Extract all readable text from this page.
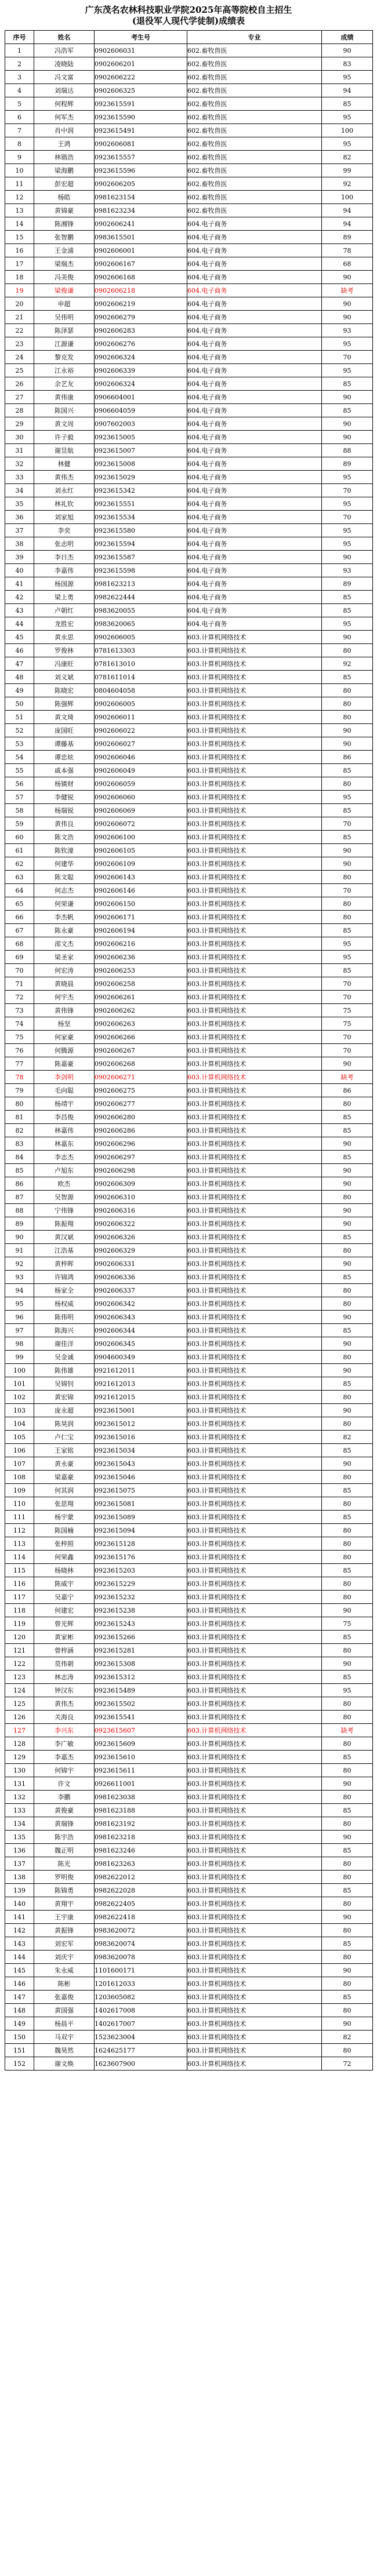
广东茂名农林科技职业学院2025年高等院校自主招生
(退役军人现代学徒制)成绩表
序号	姓名	考生号	专业	成绩
1	冯浩军	0902606031	602.畜牧兽医	90
2	凌晓陆	0902606201	602.畜牧兽医	83
3	冯文富	0902606222	602.畜牧兽医	95
4	刘瑞达	0902606325	602.畜牧兽医	94
5	何程辉	0923615591	602.畜牧兽医	85
6	何军杰	0923615590	602.畜牧兽医	95
7	肖中润	0923615491	602.畜牧兽医	100
8	王鸿	0902606081	602.畜牧兽医	95
9	林锴浩	0923615557	602.畜牧兽医	82
10	梁海鹏	0923615596	602.畜牧兽医	99
11	彭宏超	0902606205	602.畜牧兽医	92
12	杨皓	0981623154	602.畜牧兽医	100
13	黄锦豪	0981623234	602.畜牧兽医	94
14	陈湘锋	0902606241	604.电子商务	94
15	张智鹏	0983615501	604.电子商务	89
16	王金浦	0902606001	604.电子商务	78
17	梁瑞杰	0902606167	604.电子商务	68
18	冯美俊	0902606168	604.电子商务	90
19	梁俊谦	0902606218	604.电子商务	缺考
20	申超	0902606219	604.电子商务	90
21	吴伟明	0902606279	604.电子商务	90
22	陈泽瑟	0902606283	604.电子商务	93
23	江源谦	0902606276	604.电子商务	95
24	黎克发	0902606324	604.电子商务	70
25	江永裕	0902606339	604.电子商务	95
26	余艺友	0902606324	604.电子商务	85
27	黄伟康	0906604001	604.电子商务	90
28	陈国兴	0906604059	604.电子商务	85
29	黄文周	0907602003	604.电子商务	90
30	许子毅	0923615005	604.电子商务	90
31	谢昱航	0923615007	604.电子商务	88
32	林健	0923615008	604.电子商务	89
33	黄伟杰	0923615029	604.电子商务	95
34	刘永红	0923615342	604.电子商务	70
35	林礼钦	0923615551	604.电子商务	95
36	刘家旭	0923615534	604.电子商务	70
37	李奕	0923615580	604.电子商务	95
38	张志明	0923615594	604.电子商务	95
39	李日杰	0923615587	604.电子商务	90
40	李嘉伟	0923615598	604.电子商务	93
41	杨国源	0981623213	604.电子商务	89
42	梁上勇	0982622444	604.电子商务	85
43	卢朝红	0983620055	604.电子商务	85
44	龙胜宏	0983620065	604.电子商务	95
45	黄永思	0902606005	603.计算机网络技术	90
46	罗俊林	0781613303	603.计算机网络技术	80
47	冯康旺	0781613010	603.计算机网络技术	92
48	刘义斌	0781611014	603.计算机网络技术	85
49	陈晓宏	0804604058	603.计算机网络技术	80
50	陈强辉	0902606005	603.计算机网络技术	80
51	黄文琦	0902606011	603.计算机网络技术	80
52	庞国旺	0902606022	603.计算机网络技术	90
53	谭藤基	0902606027	603.计算机网络技术	90
54	谭忠炫	0902606046	603.计算机网络技术	86
55	戚本强	0902606049	603.计算机网络技术	85
56	杨镇财	0902606059	603.计算机网络技术	80
57	李健锐	0902606060	603.计算机网络技术	95
58	杨瑞锐	0902606069	603.计算机网络技术	85
59	黄伟良	0902606072	603.计算机网络技术	70
60	陈文浩	0902606100	603.计算机网络技术	85
61	陈钦濠	0902606105	603.计算机网络技术	90
62	何建华	0902606109	603.计算机网络技术	90
63	陈文聪	0902606143	603.计算机网络技术	80
64	何志杰	0902606146	603.计算机网络技术	70
65	何荣谦	0902606150	603.计算机网络技术	80
66	李杰帆	0902606171	603.计算机网络技术	80
67	陈永豪	0902606194	603.计算机网络技术	85
68	邵文杰	0902606216	603.计算机网络技术	95
69	梁圣家	0902606236	603.计算机网络技术	95
70	何宏涛	0902606253	603.计算机网络技术	85
71	黄晓晨	0902606258	603.计算机网络技术	70
72	何宇杰	0902606261	603.计算机网络技术	70
73	黄伟锋	0902606262	603.计算机网络技术	75
74	杨坚	0902606263	603.计算机网络技术	75
75	何家豪	0902606266	603.计算机网络技术	70
76	何腾源	0902606267	603.计算机网络技术	70
77	陈嘉豪	0902606268	603.计算机网络技术	90
78	李剑明	0902606271	603.计算机网络技术	缺考
79	毛向聪	0902606275	603.计算机网络技术	86
80	杨靖宇	0902606277	603.计算机网络技术	80
81	李昌俊	0902606280	603.计算机网络技术	85
82	林嘉伟	0902606286	603.计算机网络技术	85
83	林嘉东	0902606296	603.计算机网络技术	90
84	李志杰	0902606297	603.计算机网络技术	85
85	卢旭东	0902606298	603.计算机网络技术	90
86	欧杰	0902606309	603.计算机网络技术	90
87	吴智源	0902606310	603.计算机网络技术	80
88	宁伟锋	0902606316	603.计算机网络技术	90
89	陈振翔	0902606322	603.计算机网络技术	90
90	黄汉斌	0902606326	603.计算机网络技术	85
91	江浩基	0902606329	603.计算机网络技术	80
92	黄梓晖	0902606331	603.计算机网络技术	90
93	许锦鸿	0902606336	603.计算机网络技术	85
94	杨家全	0902606337	603.计算机网络技术	80
95	杨权威	0902606342	603.计算机网络技术	80
96	陈伟明	0902606343	603.计算机网络技术	90
97	陈海兴	0902606344	603.计算机网络技术	85
98	谢佳洋	0902606345	603.计算机网络技术	90
99	吴金诚	0904600349	603.计算机网络技术	80
100	陈伟雄	0921612011	603.计算机网络技术	90
101	吴锦钊	0921612013	603.计算机网络技术	85
102	黄宏锦	0921612015	603.计算机网络技术	80
103	庞永超	0923615001	603.计算机网络技术	90
104	陈昊润	0923615012	603.计算机网络技术	80
105	卢仁宝	0923615016	603.计算机网络技术	82
106	王家铭	0923615034	603.计算机网络技术	85
107	黄永豪	0923615043	603.计算机网络技术	90
108	梁嘉豪	0923615046	603.计算机网络技术	80
109	何其润	0923615075	603.计算机网络技术	85
110	张思翔	0923615081	603.计算机网络技术	80
111	杨宇蒙	0923615089	603.计算机网络技术	85
112	陈国楠	0923615094	603.计算机网络技术	80
113	张梓照	0923615128	603.计算机网络技术	80
114	何荣鑫	0923615176	603.计算机网络技术	80
115	杨晓林	0923615203	603.计算机网络技术	85
116	陈威宇	0923615229	603.计算机网络技术	80
117	吴嘉宁	0923615232	603.计算机网络技术	80
118	何建宏	0923615238	603.计算机网络技术	90
119	曾光辉	0923615243	603.计算机网络技术	75
120	黄家彬	0923615266	603.计算机网络技术	85
121	曾梓涵	0923615281	603.计算机网络技术	80
122	莫伟朝	0923615308	603.计算机网络技术	90
123	林志涛	0923615312	603.计算机网络技术	85
124	钟汉东	0923615489	603.计算机网络技术	95
125	黄伟杰	0923615502	603.计算机网络技术	80
126	关海良	0923615541	603.计算机网络技术	80
127	李兴东	0923615607	603.计算机网络技术	缺考
128	李广敏	0923615609	603.计算机网络技术	80
129	李嘉杰	0923615610	603.计算机网络技术	85
130	何锦宇	0923615611	603.计算机网络技术	80
131	许文	0926611001	603.计算机网络技术	90
132	李鹏	0981623038	603.计算机网络技术	80
133	黄俊豪	0981623188	603.计算机网络技术	85
134	黄瑞锋	0981623192	603.计算机网络技术	80
135	陈宇浩	0981623218	603.计算机网络技术	90
136	魏正明	0981623246	603.计算机网络技术	85
137	陈光	0981623263	603.计算机网络技术	80
138	罗明俊	0982622012	603.计算机网络技术	80
139	陈锦勇	0982622028	603.计算机网络技术	85
140	黄翔宇	0982622405	603.计算机网络技术	80
141	王宇康	0982622418	603.计算机网络技术	90
142	黄振锋	0983620072	603.计算机网络技术	80
143	刘宏军	0983620074	603.计算机网络技术	85
144	刘庆宇	0983620078	603.计算机网络技术	80
145	朱永威	1101600171	603.计算机网络技术	90
146	陈彬	1201612033	603.计算机网络技术	80
147	张嘉俊	1203605082	603.计算机网络技术	85
148	黄国强	1402617008	603.计算机网络技术	80
149	杨晨平	1402617007	603.计算机网络技术	90
150	马双宇	1523623004	603.计算机网络技术	82
151	魏昊然	1624625177	603.计算机网络技术	80
152	谢文焕	1623607900	603.计算机网络技术	72
